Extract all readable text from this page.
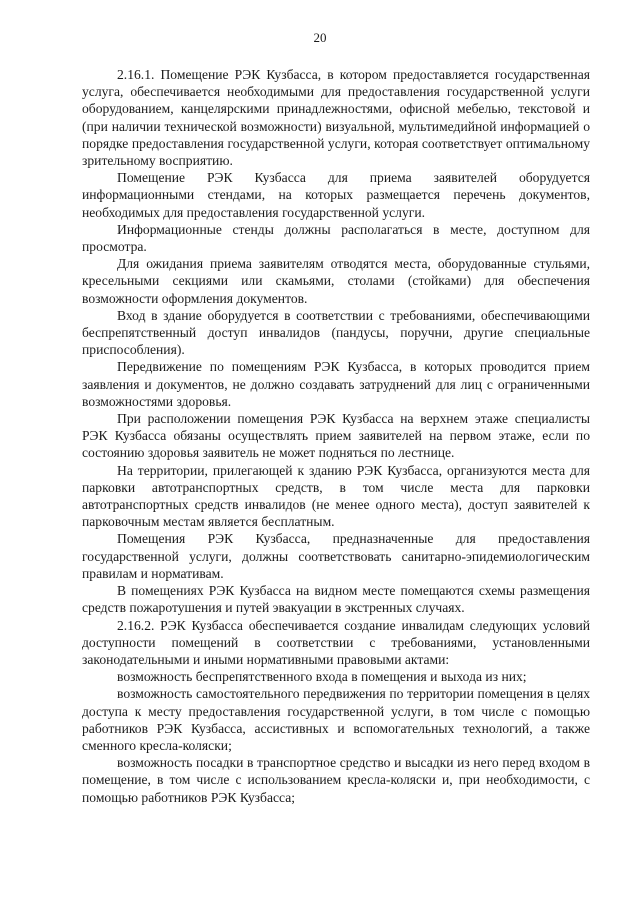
20

2.16.1. Помещение РЭК Кузбасса, в котором предоставляется государственная услуга, обеспечивается необходимыми для предоставления государственной услуги оборудованием, канцелярскими принадлежностями, офисной мебелью, текстовой и (при наличии технической возможности) визуальной, мультимедийной информацией о порядке предоставления государственной услуги, которая соответствует оптимальному зрительному восприятию.

Помещение РЭК Кузбасса для приема заявителей оборудуется информационными стендами, на которых размещается перечень документов, необходимых для предоставления государственной услуги.

Информационные стенды должны располагаться в месте, доступном для просмотра.

Для ожидания приема заявителям отводятся места, оборудованные стульями, кресельными секциями или скамьями, столами (стойками) для обеспечения возможности оформления документов.

Вход в здание оборудуется в соответствии с требованиями, обеспечивающими беспрепятственный доступ инвалидов (пандусы, поручни, другие специальные приспособления).

Передвижение по помещениям РЭК Кузбасса, в которых проводится прием заявления и документов, не должно создавать затруднений для лиц с ограниченными возможностями здоровья.

При расположении помещения РЭК Кузбасса на верхнем этаже специалисты РЭК Кузбасса обязаны осуществлять прием заявителей на первом этаже, если по состоянию здоровья заявитель не может подняться по лестнице.

На территории, прилегающей к зданию РЭК Кузбасса, организуются места для парковки автотранспортных средств, в том числе места для парковки автотранспортных средств инвалидов (не менее одного места), доступ заявителей к парковочным местам является бесплатным.

Помещения РЭК Кузбасса, предназначенные для предоставления государственной услуги, должны соответствовать санитарно-эпидемиологическим правилам и нормативам.

В помещениях РЭК Кузбасса на видном месте помещаются схемы размещения средств пожаротушения и путей эвакуации в экстренных случаях.

2.16.2. РЭК Кузбасса обеспечивается создание инвалидам следующих условий доступности помещений в соответствии с требованиями, установленными законодательными и иными нормативными правовыми актами:

возможность беспрепятственного входа в помещения и выхода из них;

возможность самостоятельного передвижения по территории помещения в целях доступа к месту предоставления государственной услуги, в том числе с помощью работников РЭК Кузбасса, ассистивных и вспомогательных технологий, а также сменного кресла-коляски;

возможность посадки в транспортное средство и высадки из него перед входом в помещение, в том числе с использованием кресла-коляски и, при необходимости, с помощью работников РЭК Кузбасса;
